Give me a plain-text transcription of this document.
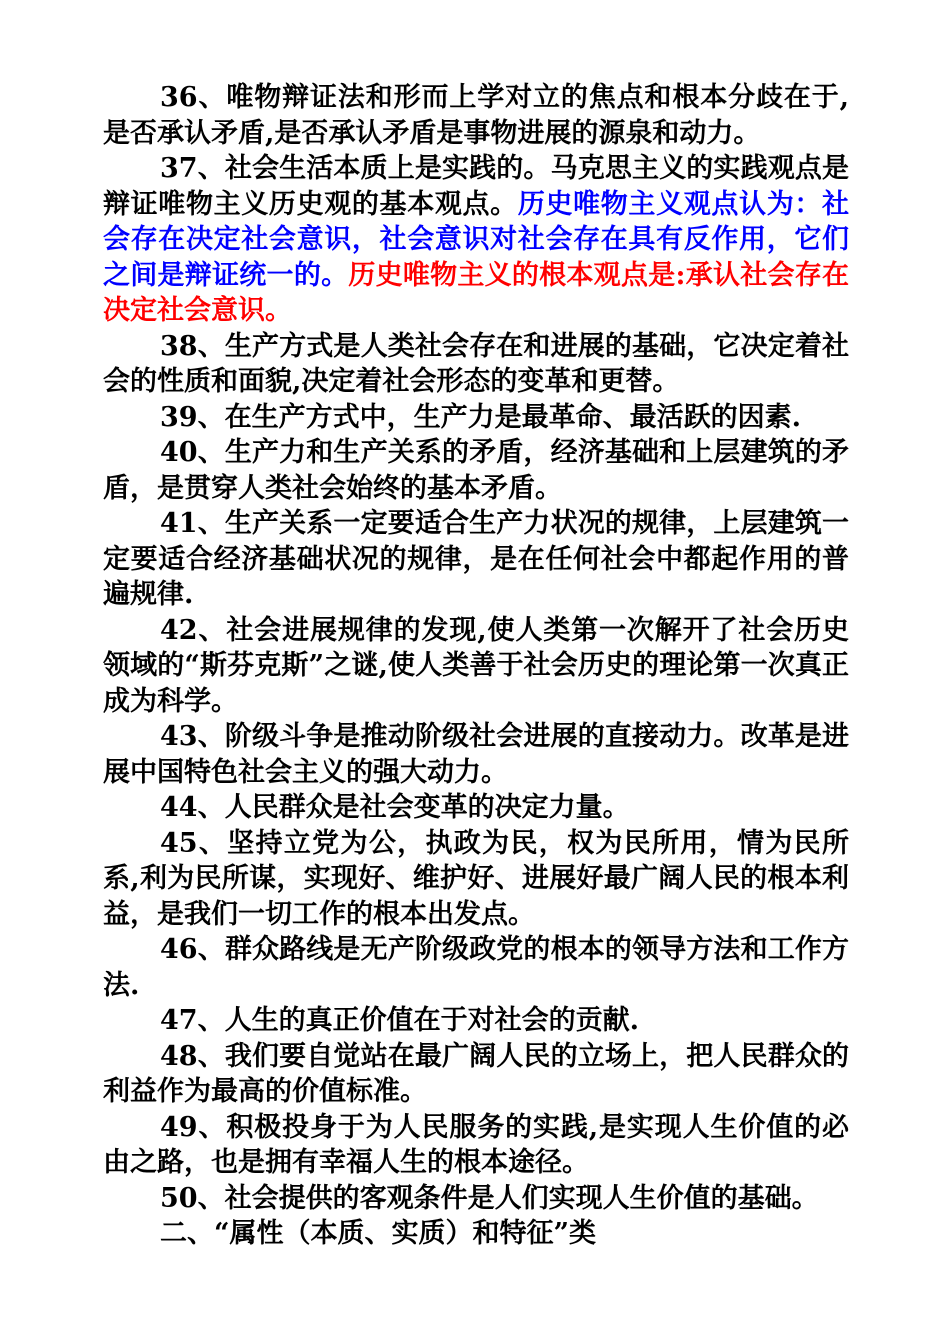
36、唯物辩证法和形而上学对立的焦点和根本分歧在于,是否承认矛盾,是否承认矛盾是事物进展的源泉和动力。

37、社会生活本质上是实践的。马克思主义的实践观点是辩证唯物主义历史观的基本观点。历史唯物主义观点认为：社会存在决定社会意识，社会意识对社会存在具有反作用，它们之间是辩证统一的。历史唯物主义的根本观点是:承认社会存在决定社会意识。

38、生产方式是人类社会存在和进展的基础，它决定着社会的性质和面貌,决定着社会形态的变革和更替。

39、在生产方式中，生产力是最革命、最活跃的因素.

40、生产力和生产关系的矛盾，经济基础和上层建筑的矛盾，是贯穿人类社会始终的基本矛盾。

41、生产关系一定要适合生产力状况的规律，上层建筑一定要适合经济基础状况的规律，是在任何社会中都起作用的普遍规律.

42、社会进展规律的发现,使人类第一次解开了社会历史领域的“斯芬克斯”之谜,使人类善于社会历史的理论第一次真正成为科学。

43、阶级斗争是推动阶级社会进展的直接动力。改革是进展中国特色社会主义的强大动力。

44、人民群众是社会变革的决定力量。

45、坚持立党为公，执政为民，权为民所用，情为民所系,利为民所谋，实现好、维护好、进展好最广阔人民的根本利益，是我们一切工作的根本出发点。

46、群众路线是无产阶级政党的根本的领导方法和工作方法.

47、人生的真正价值在于对社会的贡献.

48、我们要自觉站在最广阔人民的立场上，把人民群众的利益作为最高的价值标准。

49、积极投身于为人民服务的实践,是实现人生价值的必由之路，也是拥有幸福人生的根本途径。

50、社会提供的客观条件是人们实现人生价值的基础。

二、“属性（本质、实质）和特征”类
